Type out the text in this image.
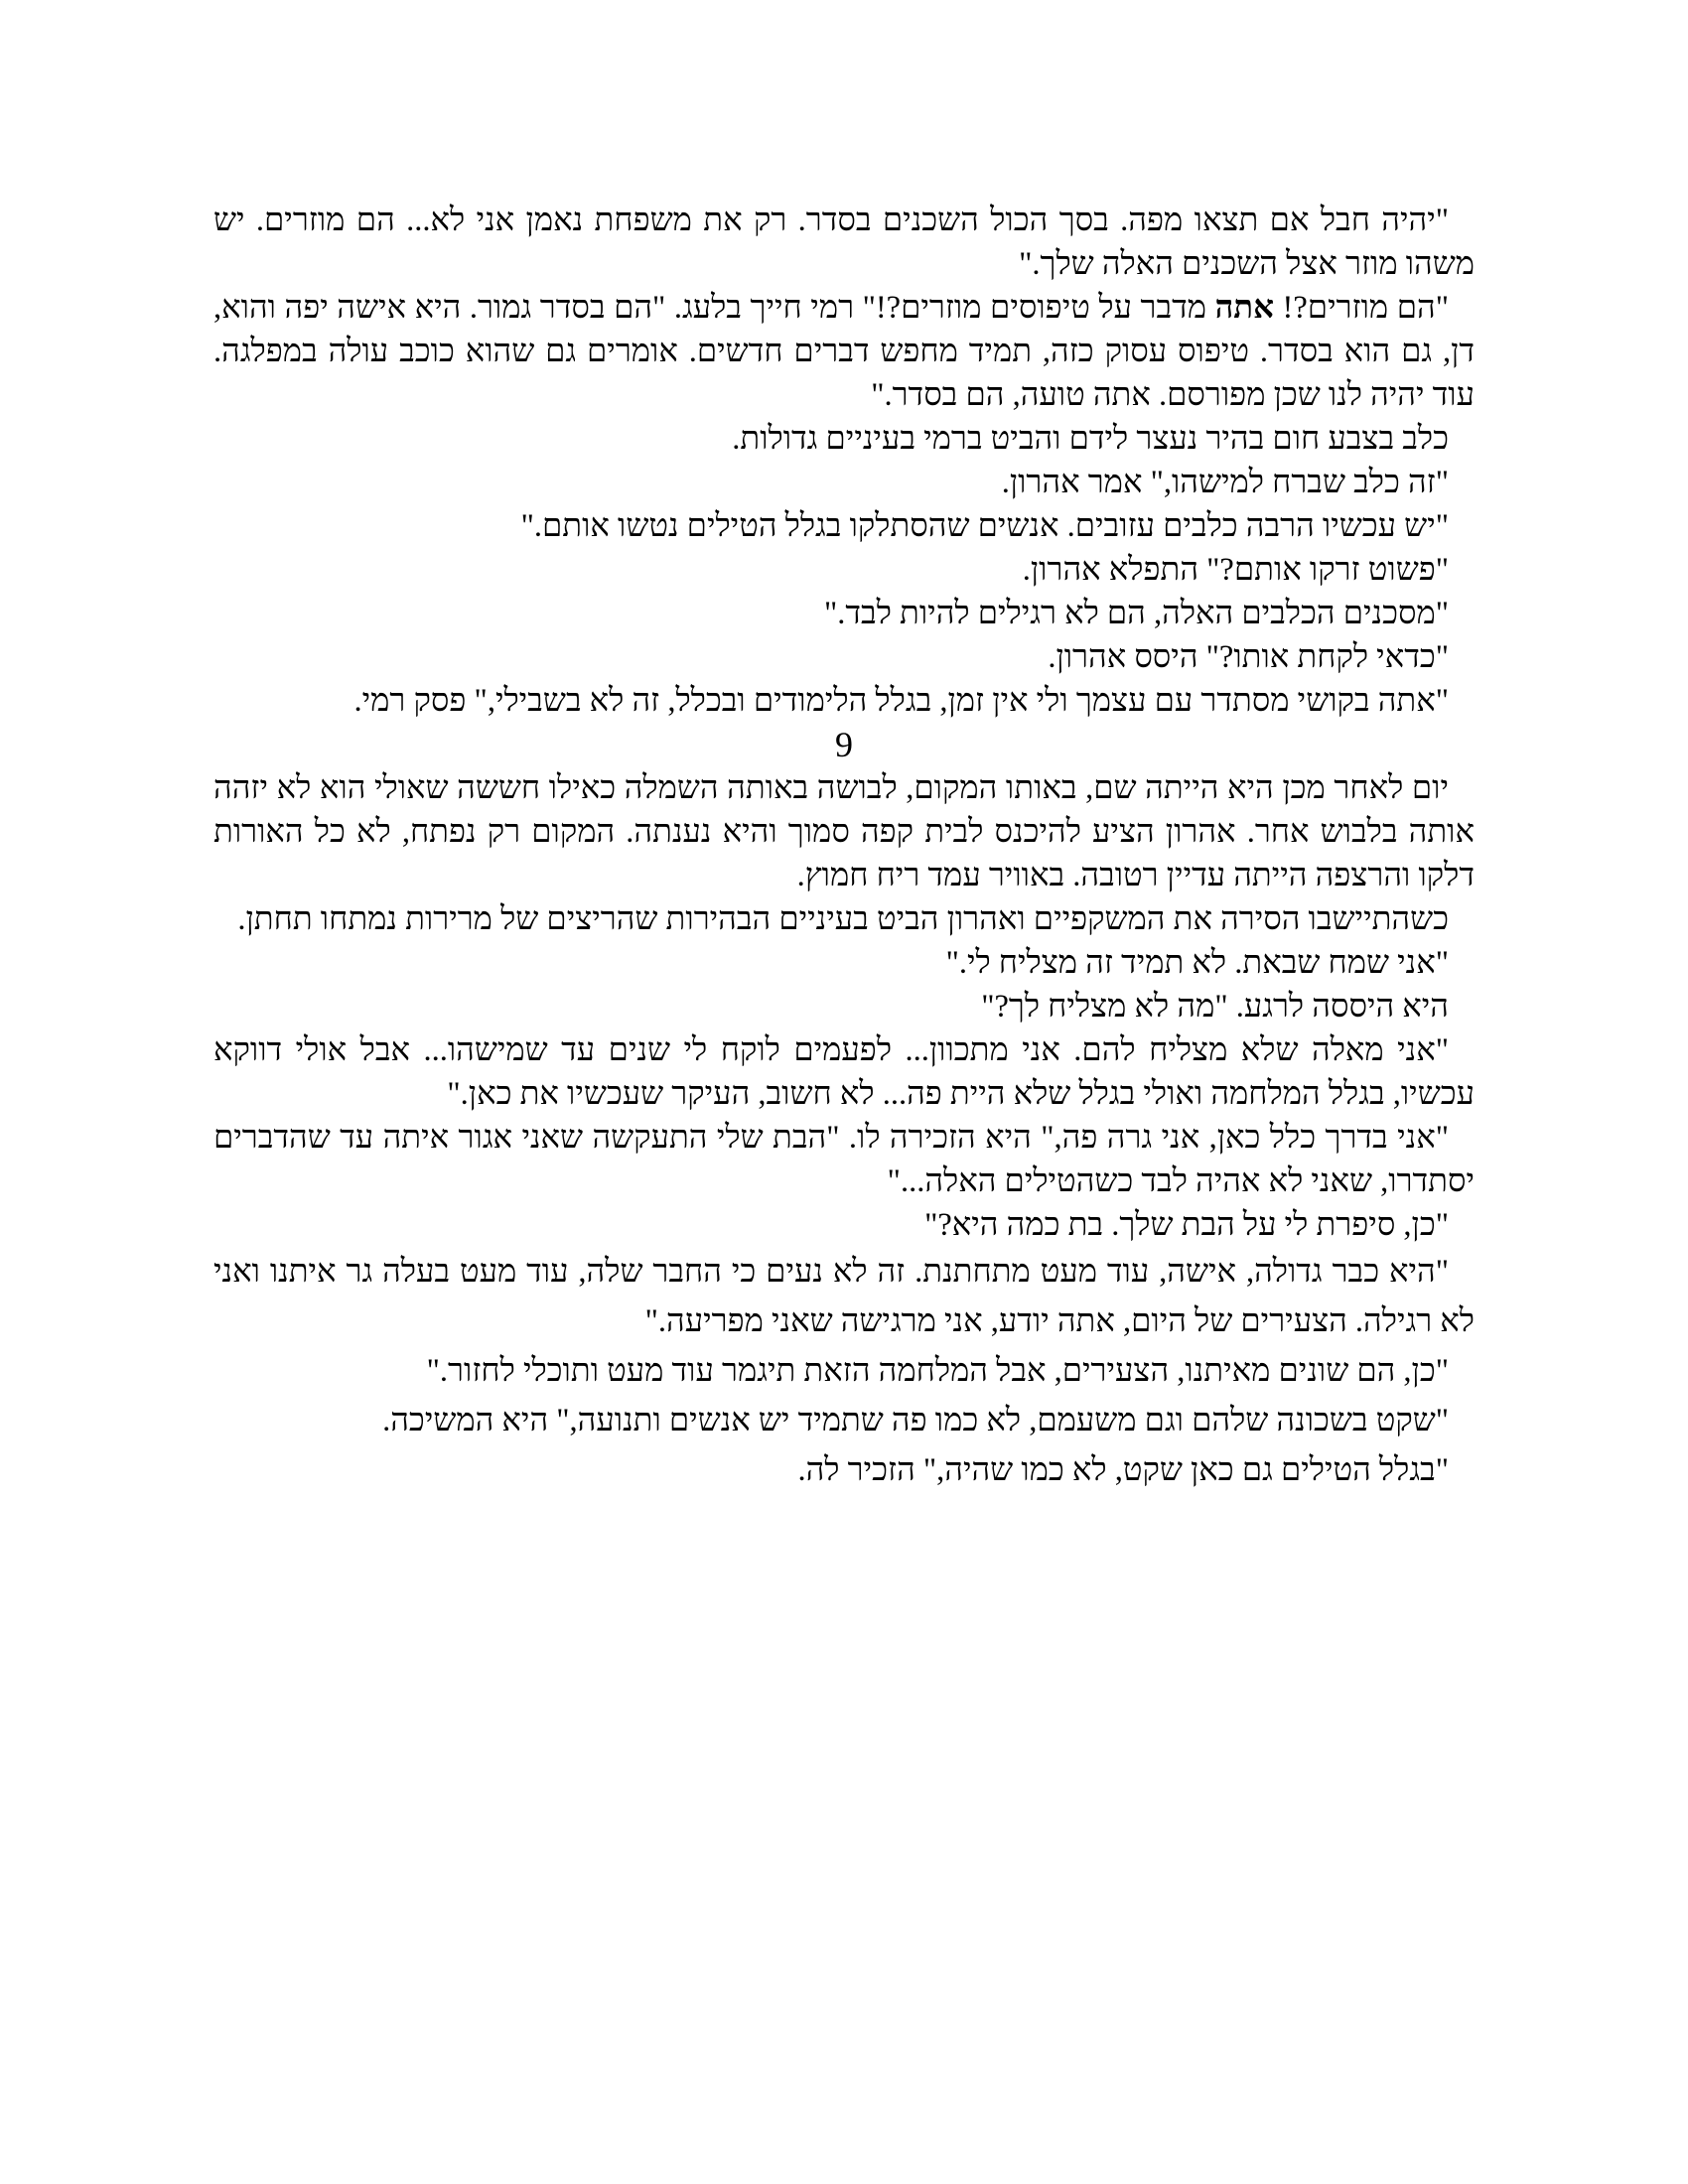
"יהיה חבל אם תצאו מפה. בסך הכול השכנים בסדר. רק את משפחת נאמן אני לא... הם מוזרים. יש משהו מוזר אצל השכנים האלה שלך."

"הם מוזרים?! אתה מדבר על טיפוסים מוזרים?!" רמי חייך בלעג. "הם בסדר גמור. היא אישה יפה והוא, דן, גם הוא בסדר. טיפוס עסוק כזה, תמיד מחפש דברים חדשים. אומרים גם שהוא כוכב עולה במפלגה. עוד יהיה לנו שכן מפורסם. אתה טועה, הם בסדר."

כלב בצבע חום בהיר נעצר לידם והביט ברמי בעיניים גדולות.

"זה כלב שברח למישהו," אמר אהרון.

"יש עכשיו הרבה כלבים עזובים. אנשים שהסתלקו בגלל הטילים נטשו אותם."

"פשוט זרקו אותם?" התפלא אהרון.

"מסכנים הכלבים האלה, הם לא רגילים להיות לבד."

"כדאי לקחת אותו?" היסס אהרון.

"אתה בקושי מסתדר עם עצמך ולי אין זמן, בגלל הלימודים ובכלל, זה לא בשבילי," פסק רמי.

9

יום לאחר מכן היא הייתה שם, באותו המקום, לבושה באותה השמלה כאילו חששה שאולי הוא לא יזהה אותה בלבוש אחר. אהרון הציע להיכנס לבית קפה סמוך והיא נענתה. המקום רק נפתח, לא כל האורות דלקו והרצפה הייתה עדיין רטובה. באוויר עמד ריח חמוץ.

כשהתיישבו הסירה את המשקפיים ואהרון הביט בעיניים הבהירות שהריצים של מרירות נמתחו תחתן.

"אני שמח שבאת. לא תמיד זה מצליח לי."

היא היססה לרגע. "מה לא מצליח לך?"

"אני מאלה שלא מצליח להם. אני מתכוון... לפעמים לוקח לי שנים עד שמישהו... אבל אולי דווקא עכשיו, בגלל המלחמה ואולי בגלל שלא היית פה... לא חשוב, העיקר שעכשיו את כאן."

"אני בדרך כלל כאן, אני גרה פה," היא הזכירה לו. "הבת שלי התעקשה שאני אגור איתה עד שהדברים יסתדרו, שאני לא אהיה לבד כשהטילים האלה..."

"כן, סיפרת לי על הבת שלך. בת כמה היא?"

"היא כבר גדולה, אישה, עוד מעט מתחתנת. זה לא נעים כי החבר שלה, עוד מעט בעלה גר איתנו ואני לא רגילה. הצעירים של היום, אתה יודע, אני מרגישה שאני מפריעה."

"כן, הם שונים מאיתנו, הצעירים, אבל המלחמה הזאת תיגמר עוד מעט ותוכלי לחזור."

"שקט בשכונה שלהם וגם משעמם, לא כמו פה שתמיד יש אנשים ותנועה," היא המשיכה.

"בגלל הטילים גם כאן שקט, לא כמו שהיה," הזכיר לה.
